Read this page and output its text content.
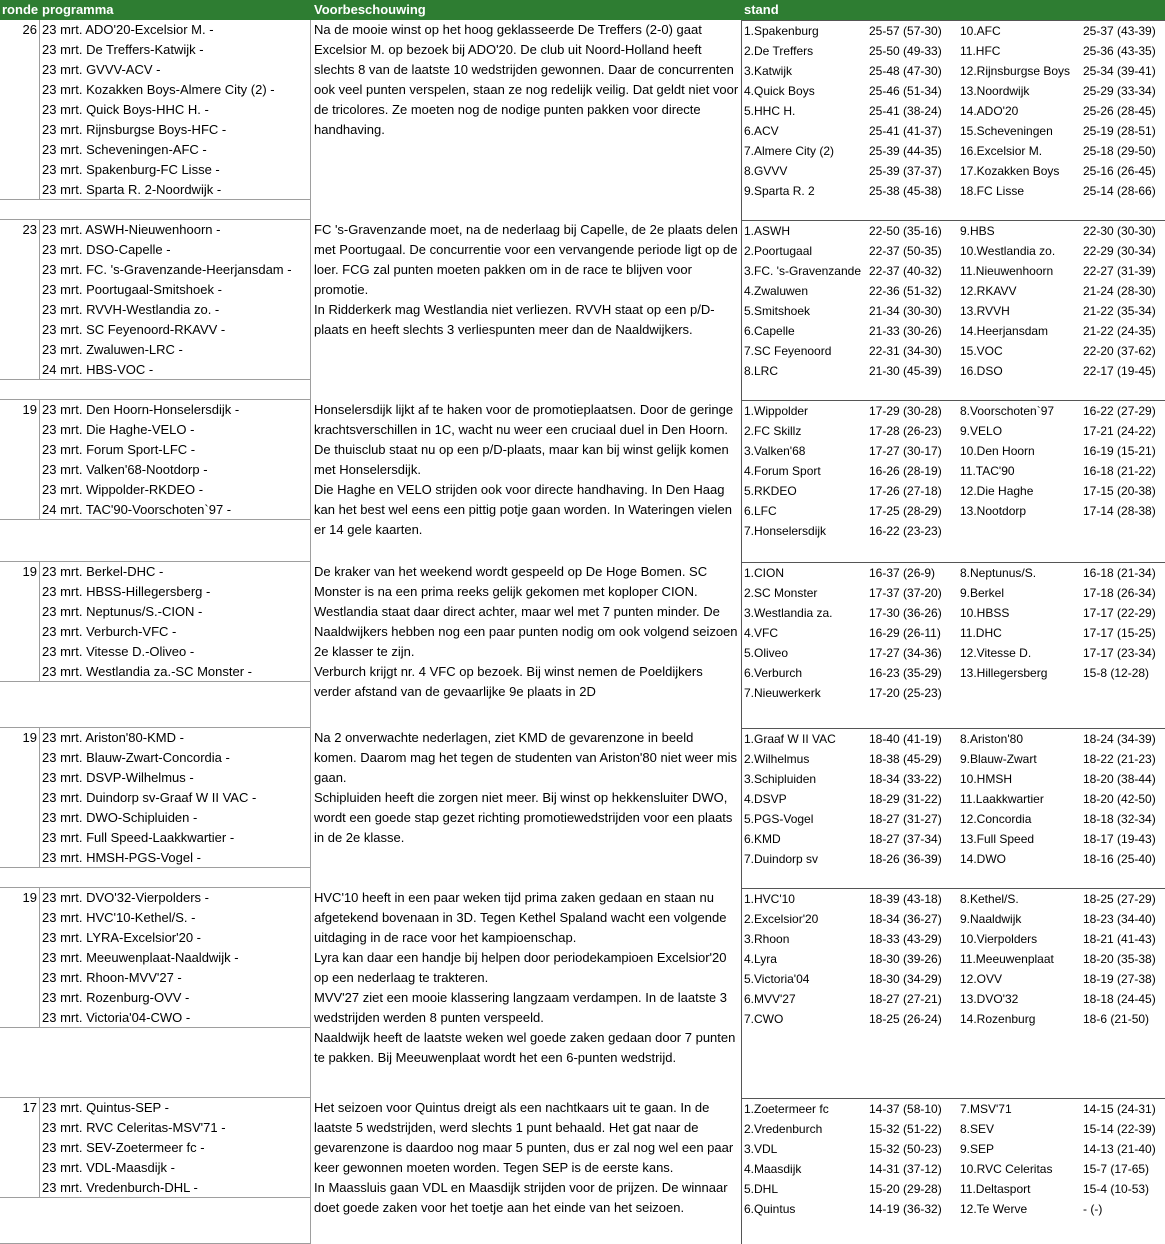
ronde programma	Voorbeschouwing	stand
26 23 mrt. ADO'20-Excelsior M. -
23 mrt. De Treffers-Katwijk -
23 mrt. GVVV-ACV -
23 mrt. Kozakken Boys-Almere City (2) -
23 mrt. Quick Boys-HHC H. -
23 mrt. Rijnsburgse Boys-HFC -
23 mrt. Scheveningen-AFC -
23 mrt. Spakenburg-FC Lisse -
23 mrt. Sparta R. 2-Noordwijk -
Na de mooie winst op het hoog geklasseerde De Treffers (2-0) gaat Excelsior M. op bezoek bij ADO'20. De club uit Noord-Holland heeft slechts 8 van de laatste 10 wedstrijden gewonnen. Daar de concurrenten ook veel punten verspelen, staan ze nog redelijk veilig. Dat geldt niet voor de tricolores. Ze moeten nog de nodige punten pakken voor directe handhaving.
1.Spakenburg	25-57 (57-30) 10.AFC	25-37 (43-39)
2.De Treffers	25-50 (49-33) 11.HFC	25-36 (43-35)
3.Katwijk	25-48 (47-30) 12.Rijnsburgse Boys 25-34 (39-41)
4.Quick Boys	25-46 (51-34) 13.Noordwijk	25-29 (33-34)
5.HHC H.	25-41 (38-24) 14.ADO'20	25-26 (28-45)
6.ACV	25-41 (41-37) 15.Scheveningen	25-19 (28-51)
7.Almere City (2)	25-39 (44-35) 16.Excelsior M.	25-18 (29-50)
8.GVVV	25-39 (37-37) 17.Kozakken Boys 25-16 (26-45)
9.Sparta R. 2	25-38 (45-38) 18.FC Lisse	25-14 (28-66)
23 23 mrt. ASWH-Nieuwenhoorn -
23 mrt. DSO-Capelle -
23 mrt. FC. 's-Gravenzande-Heerjansdam -
23 mrt. Poortugaal-Smitshoek -
23 mrt. RVVH-Westlandia zo. -
23 mrt. SC Feyenoord-RKAVV -
23 mrt. Zwaluwen-LRC -
24 mrt. HBS-VOC -
FC 's-Gravenzande moet, na de nederlaag bij Capelle, de 2e plaats delen met Poortugaal. De concurrentie voor een vervangende periode ligt op de loer. FCG zal punten moeten pakken om in de race te blijven voor promotie.
In Ridderkerk mag Westlandia niet verliezen. RVVH staat op een p/D-plaats en heeft slechts 3 verliespunten meer dan de Naaldwijkers.
1.ASWH	22-50 (35-16) 9.HBS	22-30 (30-30)
2.Poortugaal	22-37 (50-35) 10.Westlandia zo. 22-29 (30-34)
3.FC. 's-Gravenzande 22-37 (40-32) 11.Nieuwenhoorn 22-27 (31-39)
4.Zwaluwen	22-36 (51-32) 12.RKAVV	21-24 (28-30)
5.Smitshoek	21-34 (30-30) 13.RVVH	21-22 (35-34)
6.Capelle	21-33 (30-26) 14.Heerjansdam	21-22 (24-35)
7.SC Feyenoord	22-31 (34-30) 15.VOC	22-20 (37-62)
8.LRC	21-30 (45-39) 16.DSO	22-17 (19-45)
19 23 mrt. Den Hoorn-Honselersdijk -
23 mrt. Die Haghe-VELO -
23 mrt. Forum Sport-LFC -
23 mrt. Valken'68-Nootdorp -
23 mrt. Wippolder-RKDEO -
24 mrt. TAC'90-Voorschoten`97 -
Honselersdijk lijkt af te haken voor de promotieplaatsen. Door de geringe krachtsverschillen in 1C, wacht nu weer een cruciaal duel in Den Hoorn. De thuisclub staat nu op een p/D-plaats, maar kan bij winst gelijk komen met Honselersdijk.
Die Haghe en VELO strijden ook voor directe handhaving. In Den Haag kan het best wel eens een pittig potje gaan worden. In Wateringen vielen er 14 gele kaarten.
1.Wippolder	17-29 (30-28) 8.Voorschoten`97 16-22 (27-29)
2.FC Skillz	17-28 (26-23) 9.VELO	17-21 (24-22)
3.Valken'68	17-27 (30-17) 10.Den Hoorn	16-19 (15-21)
4.Forum Sport	16-26 (28-19) 11.TAC'90	16-18 (21-22)
5.RKDEO	17-26 (27-18) 12.Die Haghe	17-15 (20-38)
6.LFC	17-25 (28-29) 13.Nootdorp	17-14 (28-38)
7.Honselersdijk	16-22 (23-23)
19 23 mrt. Berkel-DHC -
23 mrt. HBSS-Hillegersberg -
23 mrt. Neptunus/S.-CION -
23 mrt. Verburch-VFC -
23 mrt. Vitesse D.-Oliveo -
23 mrt. Westlandia za.-SC Monster -
De kraker van het weekend wordt gespeeld op De Hoge Bomen. SC Monster is na een prima reeks gelijk gekomen met koploper CION. Westlandia staat daar direct achter, maar wel met 7 punten minder. De Naaldwijkers hebben nog een paar punten nodig om ook volgend seizoen 2e klasser te zijn.
Verburch krijgt nr. 4 VFC op bezoek. Bij winst nemen de Poeldijkers verder afstand van de gevaarlijke 9e plaats in 2D
1.CION	16-37 (26-9) 8.Neptunus/S.	16-18 (21-34)
2.SC Monster	17-37 (37-20) 9.Berkel	17-18 (26-34)
3.Westlandia za.	17-30 (36-26) 10.HBSS	17-17 (22-29)
4.VFC	16-29 (26-11) 11.DHC	17-17 (15-25)
5.Oliveo	17-27 (34-36) 12.Vitesse D.	17-17 (23-34)
6.Verburch	16-23 (35-29) 13.Hillegersberg	15-8 (12-28)
7.Nieuwerkerk	17-20 (25-23)
19 23 mrt. Ariston'80-KMD -
23 mrt. Blauw-Zwart-Concordia -
23 mrt. DSVP-Wilhelmus -
23 mrt. Duindorp sv-Graaf W II VAC -
23 mrt. DWO-Schipluiden -
23 mrt. Full Speed-Laakkwartier -
23 mrt. HMSH-PGS-Vogel -
Na 2 onverwachte nederlagen, ziet KMD de gevarenzone in beeld komen. Daarom mag het tegen de studenten van Ariston'80 niet weer mis gaan.
Schipluiden heeft die zorgen niet meer. Bij winst op hekkensluiter DWO, wordt een goede stap gezet richting promotiewedstrijden voor een plaats in de 2e klasse.
1.Graaf W II VAC	18-40 (41-19) 8.Ariston'80	18-24 (34-39)
2.Wilhelmus	18-38 (45-29) 9.Blauw-Zwart	18-22 (21-23)
3.Schipluiden	18-34 (33-22) 10.HMSH	18-20 (38-44)
4.DSVP	18-29 (31-22) 11.Laakkwartier	18-20 (42-50)
5.PGS-Vogel	18-27 (31-27) 12.Concordia	18-18 (32-34)
6.KMD	18-27 (37-34) 13.Full Speed	18-17 (19-43)
7.Duindorp sv	18-26 (36-39) 14.DWO	18-16 (25-40)
19 23 mrt. DVO'32-Vierpolders -
23 mrt. HVC'10-Kethel/S. -
23 mrt. LYRA-Excelsior'20 -
23 mrt. Meeuwenplaat-Naaldwijk -
23 mrt. Rhoon-MVV'27 -
23 mrt. Rozenburg-OVV -
23 mrt. Victoria'04-CWO -
HVC'10 heeft in een paar weken tijd prima zaken gedaan en staan nu afgetekend bovenaan in 3D. Tegen Kethel Spaland wacht een volgende uitdaging in de race voor het kampioenschap.
Lyra kan daar een handje bij helpen door periodekampioen Excelsior'20 op een nederlaag te trakteren.
MVV'27 ziet een mooie klassering langzaam verdampen. In de laatste 3 wedstrijden werden 8 punten verspeeld.
Naaldwijk heeft de laatste weken wel goede zaken gedaan door 7 punten te pakken. Bij Meeuwenplaat wordt het een 6-punten wedstrijd.
1.HVC'10	18-39 (43-18) 8.Kethel/S.	18-25 (27-29)
2.Excelsior'20	18-34 (36-27) 9.Naaldwijk	18-23 (34-40)
3.Rhoon	18-33 (43-29) 10.Vierpolders	18-21 (41-43)
4.Lyra	18-30 (39-26) 11.Meeuwenplaat 18-20 (35-38)
5.Victoria'04	18-30 (34-29) 12.OVV	18-19 (27-38)
6.MVV'27	18-27 (27-21) 13.DVO'32	18-18 (24-45)
7.CWO	18-25 (26-24) 14.Rozenburg	18-6 (21-50)
17 23 mrt. Quintus-SEP -
23 mrt. RVC Celeritas-MSV'71 -
23 mrt. SEV-Zoetermeer fc -
23 mrt. VDL-Maasdijk -
23 mrt. Vredenburch-DHL -
Het seizoen voor Quintus dreigt als een nachtkaars uit te gaan. In de laatste 5 wedstrijden, werd slechts 1 punt behaald. Het gat naar de gevarenzone is daardoo nog maar 5 punten, dus er zal nog wel een paar keer gewonnen moeten worden. Tegen SEP is de eerste kans.
In Maassluis gaan VDL en Maasdijk strijden voor de prijzen. De winnaar doet goede zaken voor het toetje aan het einde van het seizoen.
1.Zoetermeer fc	14-37 (58-10) 7.MSV'71	14-15 (24-31)
2.Vredenburch	15-32 (51-22) 8.SEV	15-14 (22-39)
3.VDL	15-32 (50-23) 9.SEP	14-13 (21-40)
4.Maasdijk	14-31 (37-12) 10.RVC Celeritas	15-7 (17-65)
5.DHL	15-20 (29-28) 11.Deltasport	15-4 (10-53)
6.Quintus	14-19 (36-32) 12.Te Werve	- (-)
